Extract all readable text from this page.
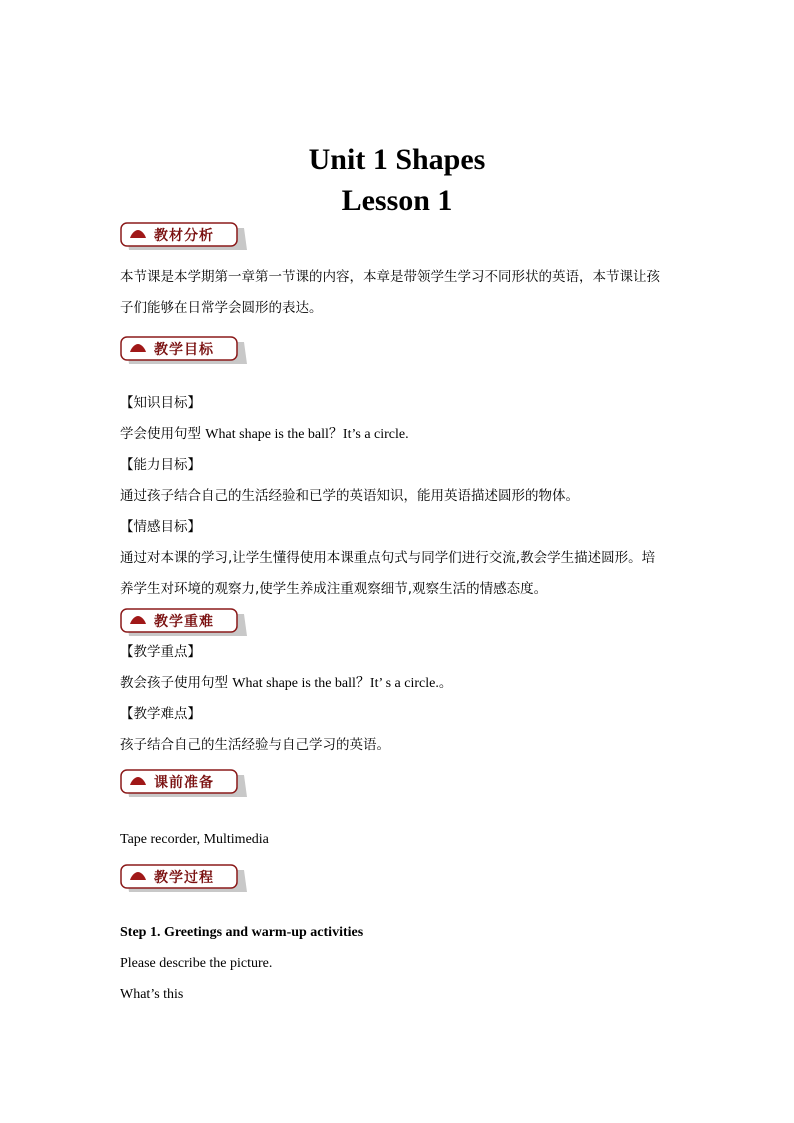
Unit 1 Shapes
Lesson 1
教材分析
本节课是本学期第一章第一节课的内容，本章是带领学生学习不同形状的英语，本节课让孩
子们能够在日常学会圆形的表达。
教学目标
【知识目标】
学会使用句型 What shape is the ball？It’s a circle.
【能力目标】
通过孩子结合自己的生活经验和已学的英语知识，能用英语描述圆形的物体。
【情感目标】
通过对本课的学习,让学生懂得使用本课重点句式与同学们进行交流,教会学生描述圆形。培
养学生对环境的观察力,使学生养成注重观察细节,观察生活的情感态度。
教学重难
【教学重点】
教会孩子使用句型 What shape is the ball？It’ s a circle.。
【教学难点】
孩子结合自己的生活经验与自己学习的英语。
课前准备
Tape recorder, Multimedia
教学过程
Step 1. Greetings and warm-up activities
Please describe the picture.
What’s this
